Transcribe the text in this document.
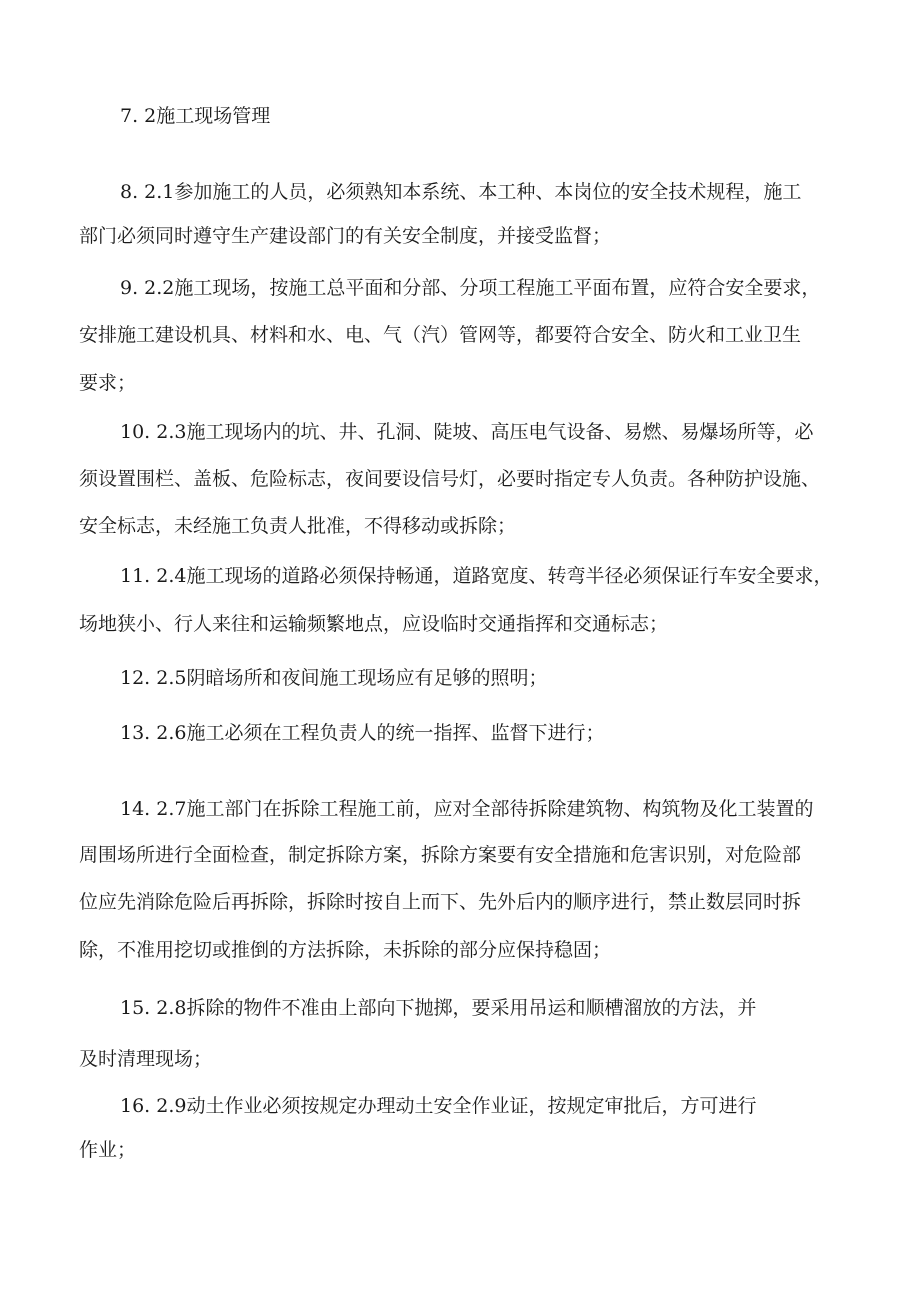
7. 2施工现场管理
8. 2.1参加施工的人员，必须熟知本系统、本工种、本岗位的安全技术规程，施工
部门必须同时遵守生产建设部门的有关安全制度，并接受监督；
9. 2.2施工现场，按施工总平面和分部、分项工程施工平面布置，应符合安全要求，
安排施工建设机具、材料和水、电、气（汽）管网等，都要符合安全、防火和工业卫生
要求；
10. 2.3施工现场内的坑、井、孔洞、陡坡、高压电气设备、易燃、易爆场所等，必
须设置围栏、盖板、危险标志，夜间要设信号灯，必要时指定专人负责。各种防护设施、
安全标志，未经施工负责人批准，不得移动或拆除；
11. 2.4施工现场的道路必须保持畅通，道路宽度、转弯半径必须保证行车安全要求，
场地狭小、行人来往和运输频繁地点，应设临时交通指挥和交通标志；
12. 2.5阴暗场所和夜间施工现场应有足够的照明；
13. 2.6施工必须在工程负责人的统一指挥、监督下进行；
14. 2.7施工部门在拆除工程施工前，应对全部待拆除建筑物、构筑物及化工装置的
周围场所进行全面检查，制定拆除方案，拆除方案要有安全措施和危害识别，对危险部
位应先消除危险后再拆除，拆除时按自上而下、先外后内的顺序进行，禁止数层同时拆
除，不准用挖切或推倒的方法拆除，未拆除的部分应保持稳固；
15. 2.8拆除的物件不准由上部向下抛掷，要采用吊运和顺槽溜放的方法，并
及时清理现场；
16. 2.9动土作业必须按规定办理动土安全作业证，按规定审批后，方可进行
作业；
